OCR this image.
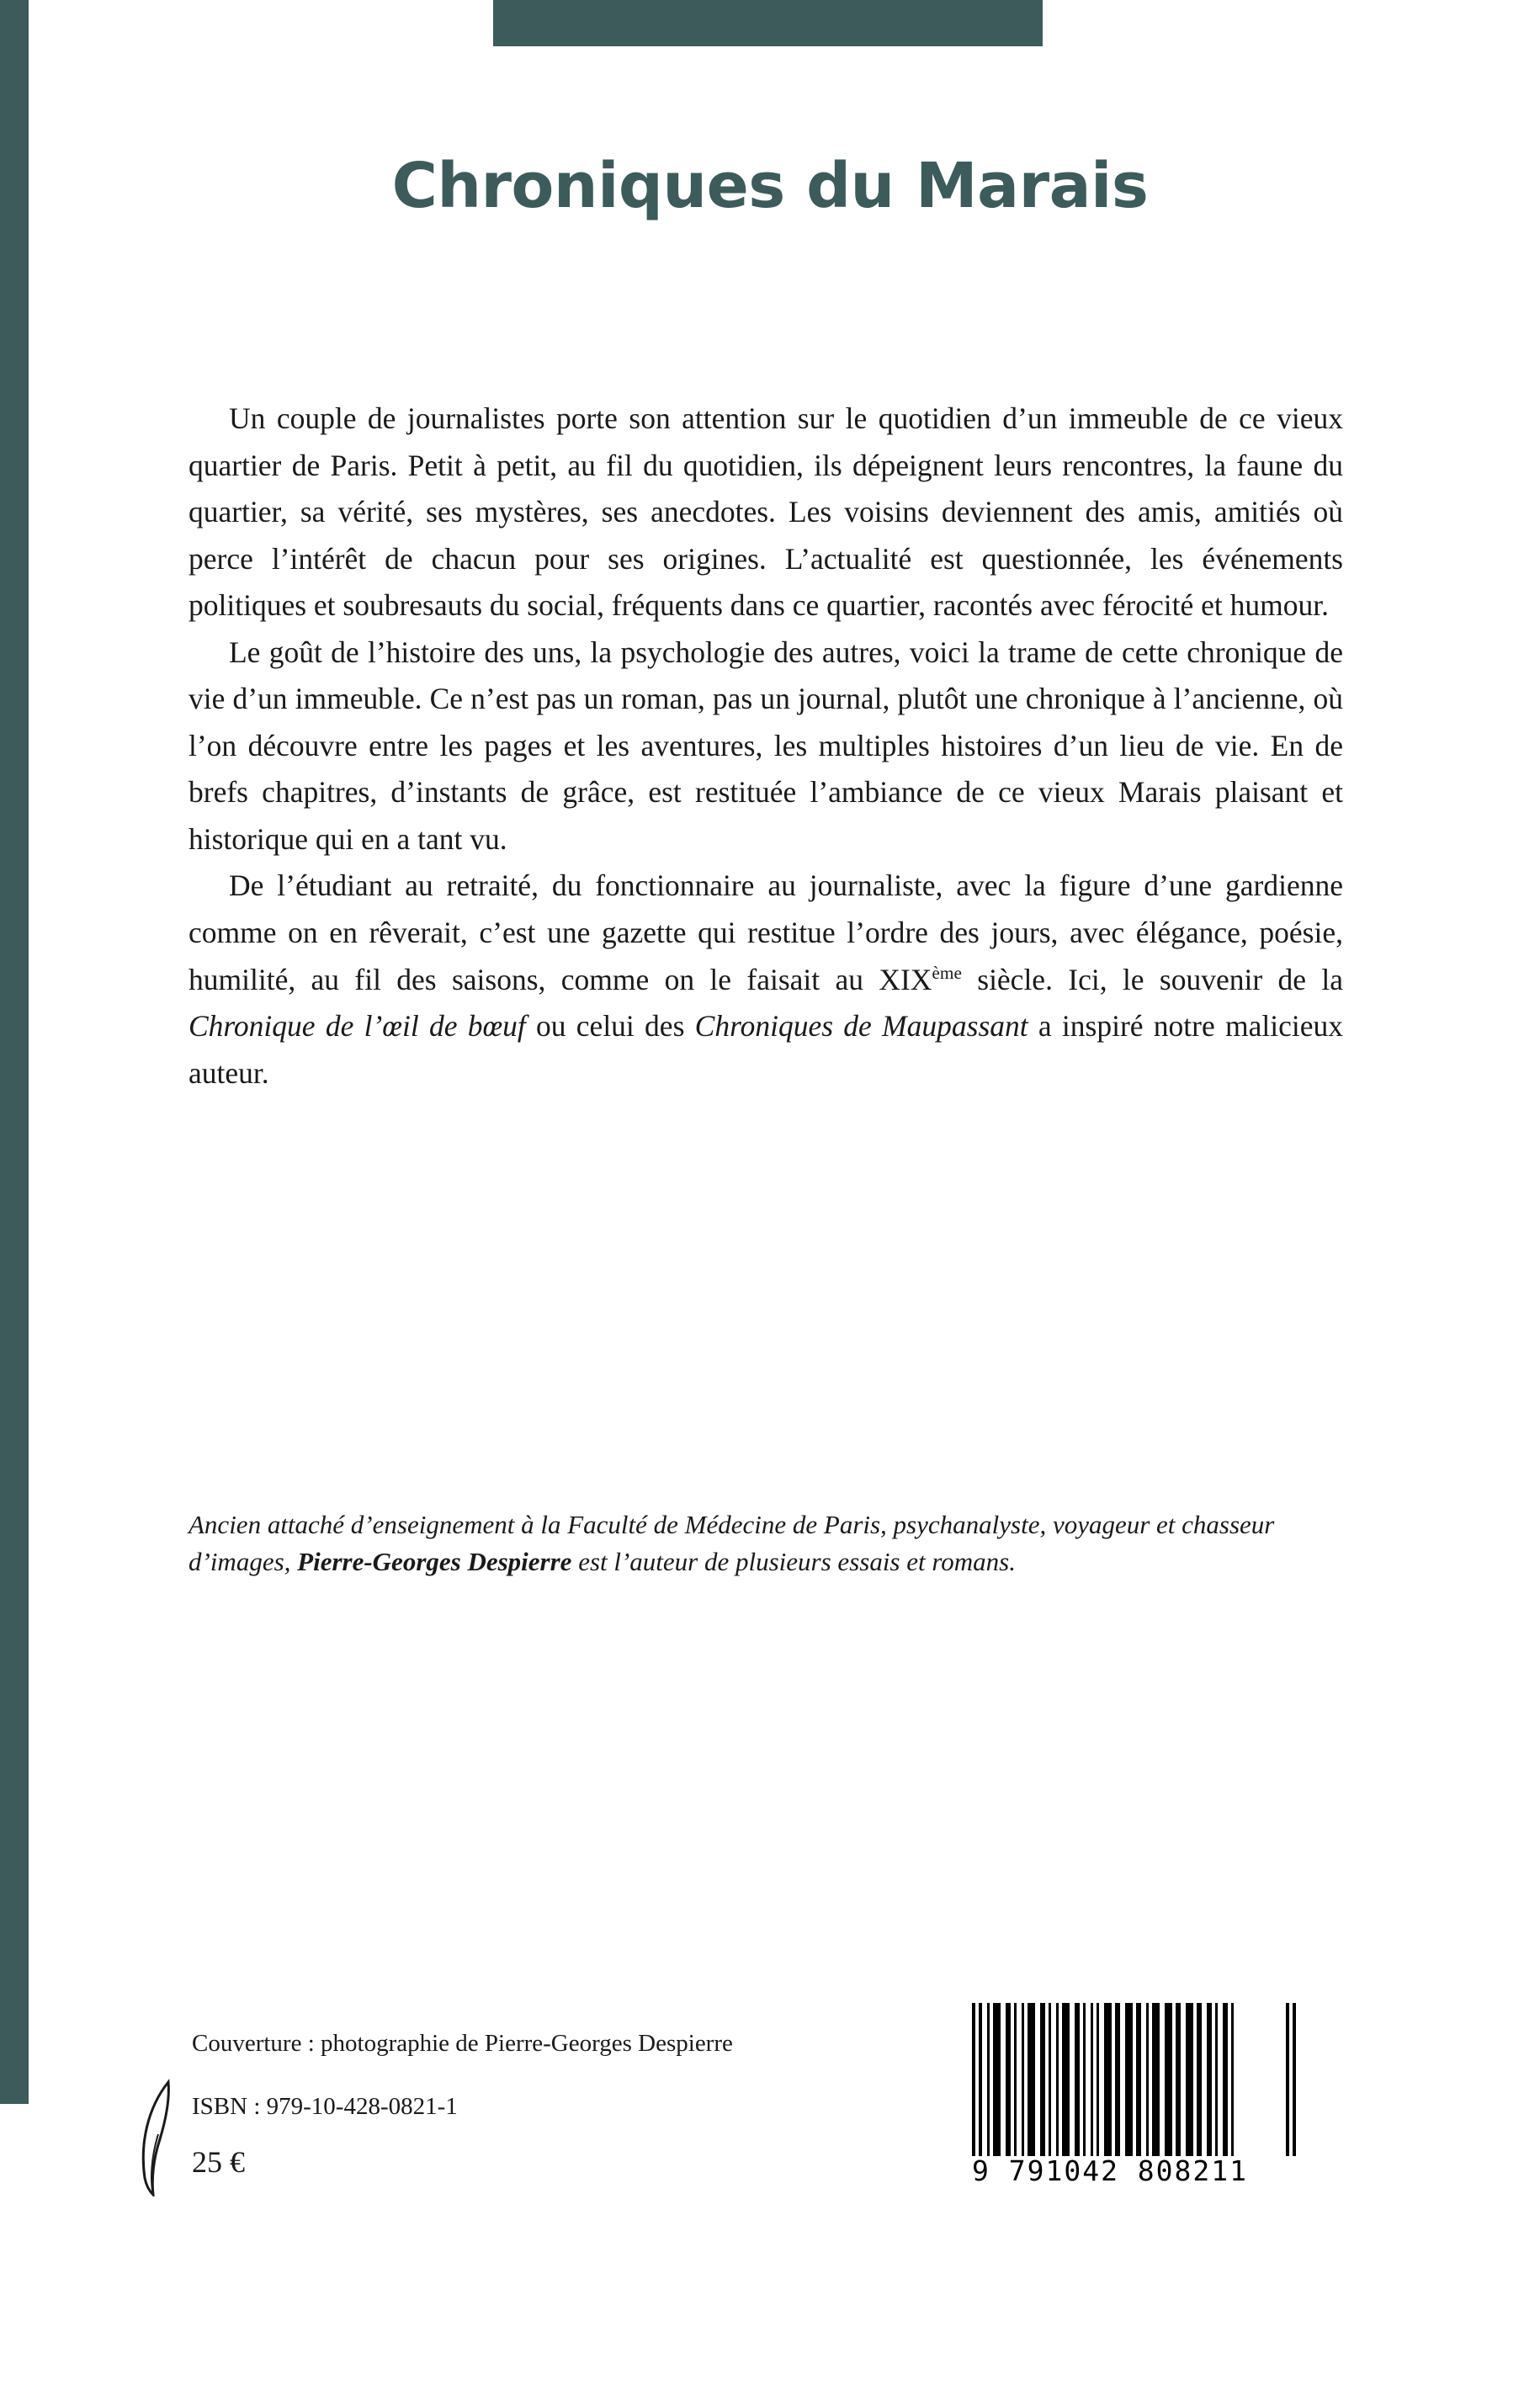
Chroniques du Marais

Un couple de journalistes porte son attention sur le quotidien d’un immeuble de ce vieux quartier de Paris. Petit à petit, au fil du quotidien, ils dépeignent leurs rencontres, la faune du quartier, sa vérité, ses mystères, ses anecdotes. Les voisins deviennent des amis, amitiés où perce l’intérêt de chacun pour ses origines. L’actualité est questionnée, les événements politiques et soubresauts du social, fréquents dans ce quartier, racontés avec férocité et humour.

Le goût de l’histoire des uns, la psychologie des autres, voici la trame de cette chronique de vie d’un immeuble. Ce n’est pas un roman, pas un journal, plutôt une chronique à l’ancienne, où l’on découvre entre les pages et les aventures, les multiples histoires d’un lieu de vie. En de brefs chapitres, d’instants de grâce, est restituée l’ambiance de ce vieux Marais plaisant et historique qui en a tant vu.

De l’étudiant au retraité, du fonctionnaire au journaliste, avec la figure d’une gardienne comme on en rêverait, c’est une gazette qui restitue l’ordre des jours, avec élégance, poésie, humilité, au fil des saisons, comme on le faisait au XIXème siècle. Ici, le souvenir de la Chronique de l’œil de bœuf ou celui des Chroniques de Maupassant a inspiré notre malicieux auteur.

Ancien attaché d’enseignement à la Faculté de Médecine de Paris, psychanalyste, voyageur et chasseur d’images, Pierre-Georges Despierre est l’auteur de plusieurs essais et romans.
Couverture : photographie de Pierre-Georges Despierre
ISBN : 979-10-428-0821-1
25 €	9 791042 808211
